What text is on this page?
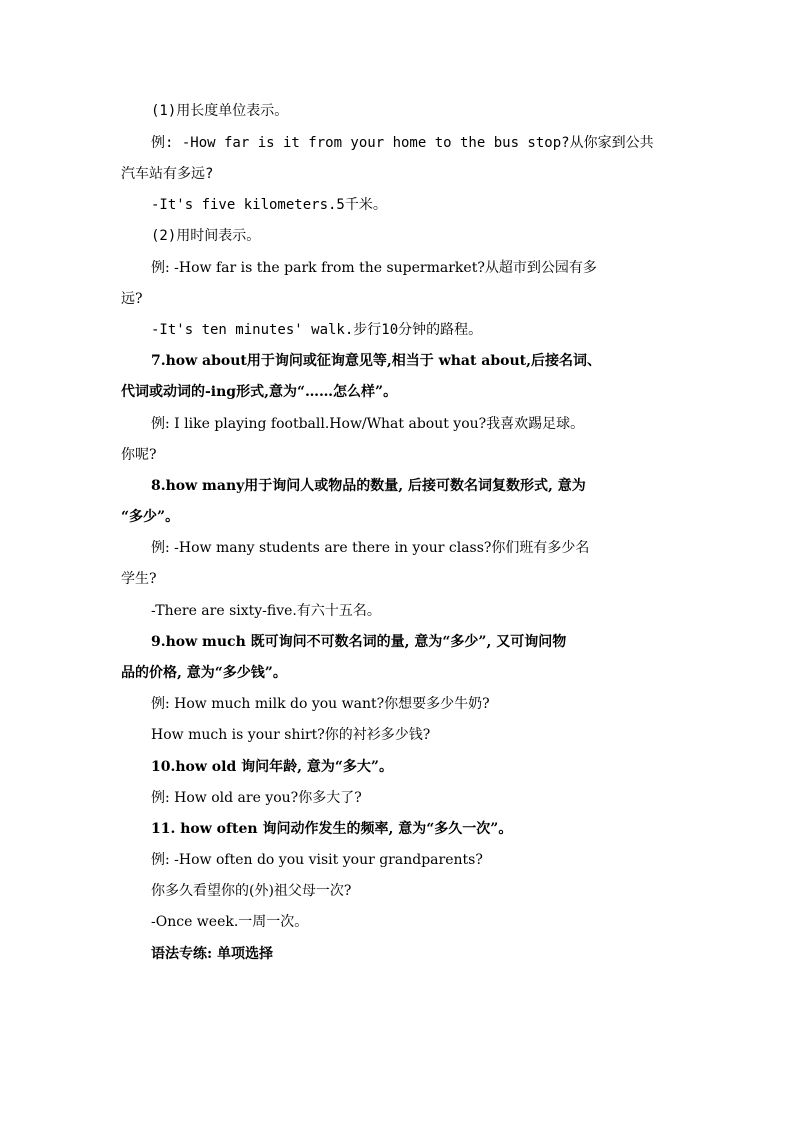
(1)用长度单位表示。
例: -How far is it from your home to the bus stop?从你家到公共
汽车站有多远?
-It's five kilometers.5千米。
(2)用时间表示。
例: -How far is the park from the supermarket?从超市到公园有多
远?
-It's ten minutes' walk.步行10分钟的路程。
7.how about用于询问或征询意见等,相当于 what about,后接名词、
代词或动词的-ing形式,意为“……怎么样”。
例: I like playing football.How/What about you?我喜欢踢足球。
你呢?
8.how many用于询问人或物品的数量, 后接可数名词复数形式, 意为
“多少”。
例: -How many students are there in your class?你们班有多少名
学生?
-There are sixty-five.有六十五名。
9.how much 既可询问不可数名词的量, 意为“多少”, 又可询问物
品的价格, 意为“多少钱”。
例: How much milk do you want?你想要多少牛奶?
How much is your shirt?你的衬衫多少钱?
10.how old 询问年龄, 意为“多大”。
例: How old are you?你多大了?
11. how often 询问动作发生的频率, 意为“多久一次”。
例: -How often do you visit your grandparents?
你多久看望你的(外)祖父母一次?
-Once week.一周一次。
语法专练: 单项选择
